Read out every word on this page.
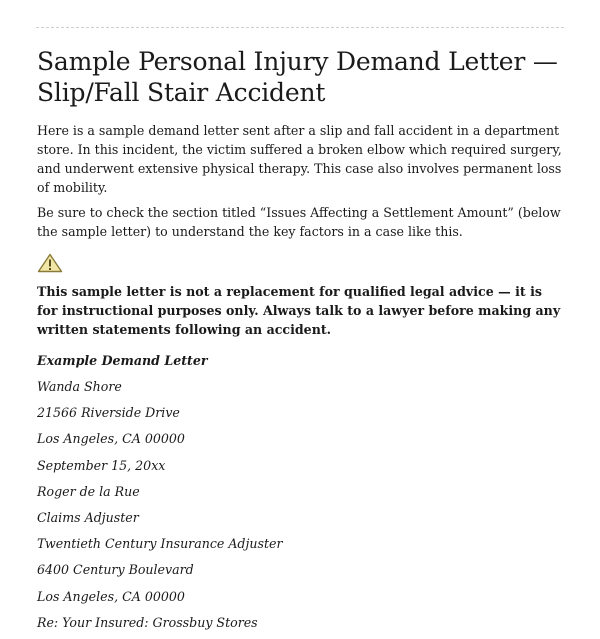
Sample Personal Injury Demand Letter — Slip/Fall Stair Accident

Here is a sample demand letter sent after a slip and fall accident in a department store. In this incident, the victim suffered a broken elbow which required surgery, and underwent extensive physical therapy. This case also involves permanent loss of mobility.

Be sure to check the section titled “Issues Affecting a Settlement Amount” (below the sample letter) to understand the key factors in a case like this.

This sample letter is not a replacement for qualified legal advice — it is for instructional purposes only. Always talk to a lawyer before making any written statements following an accident.

Example Demand Letter

Wanda Shore

21566 Riverside Drive

Los Angeles, CA 00000

September 15, 20xx

Roger de la Rue

Claims Adjuster

Twentieth Century Insurance Adjuster

6400 Century Boulevard

Los Angeles, CA 00000

Re: Your Insured: Grossbuy Stores
